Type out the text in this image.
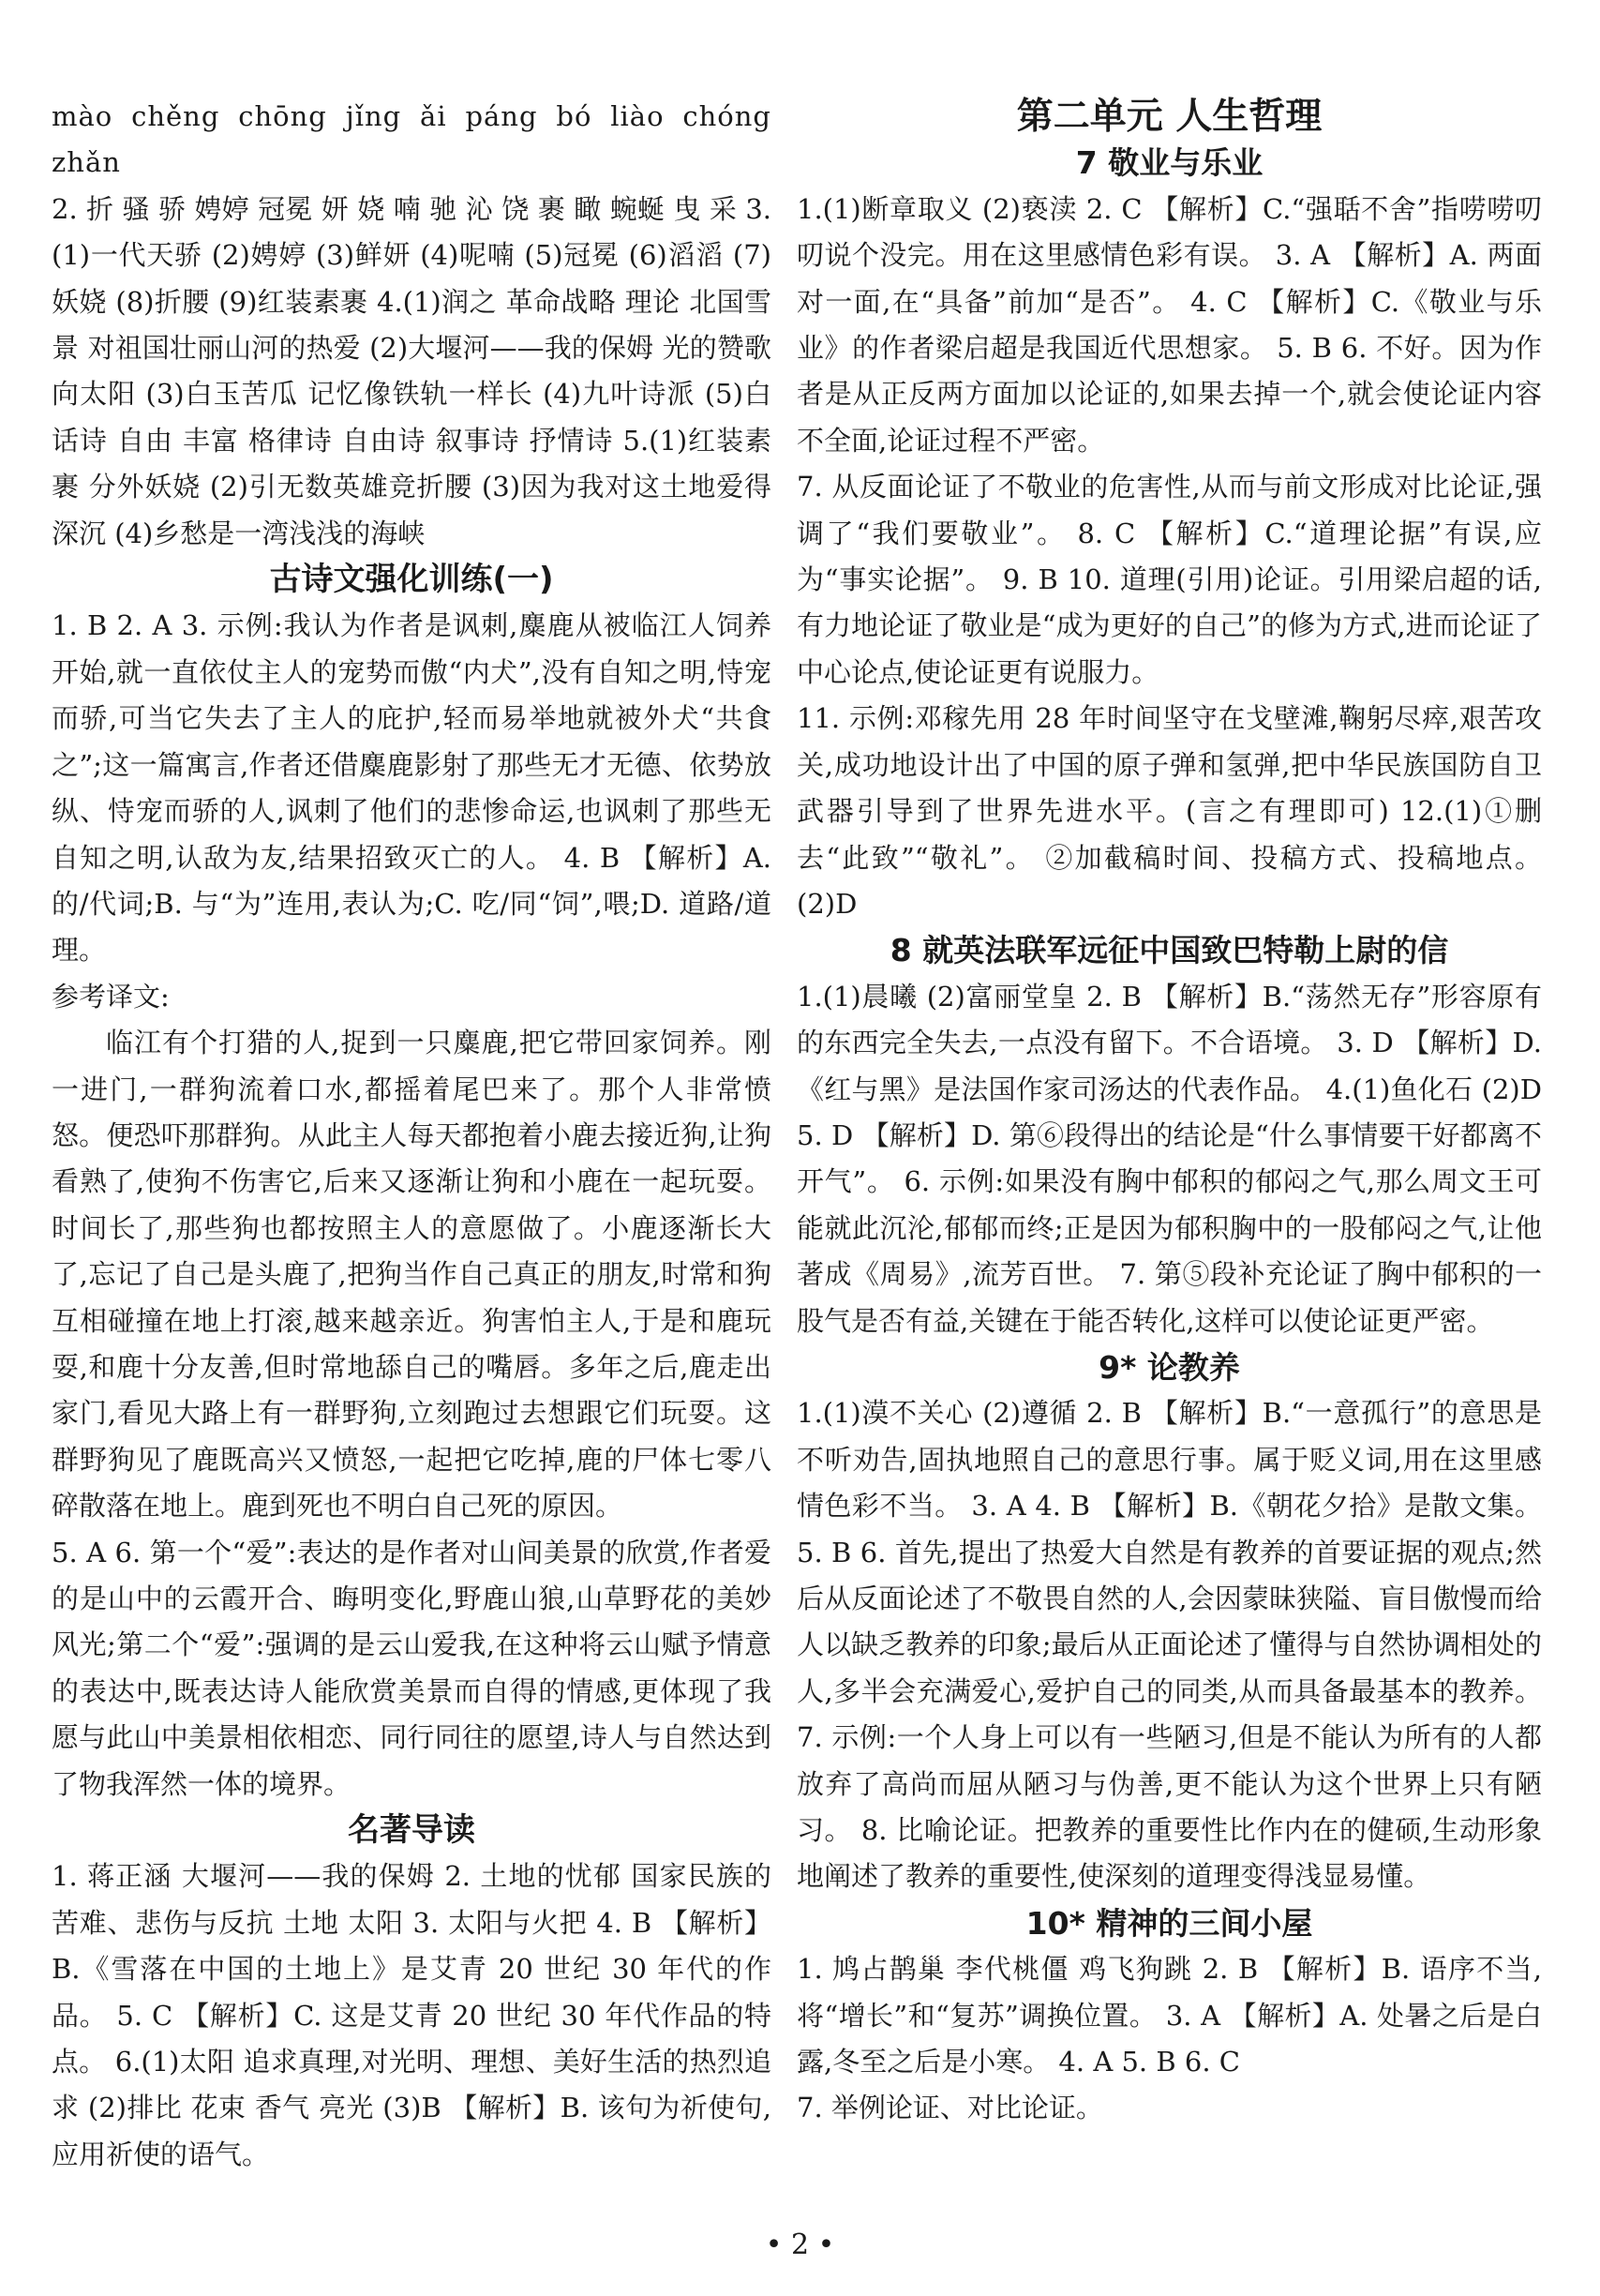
mào chěng chōng jǐng ǎi páng bó liào chóng zhǎn

2. 折 骚 骄 娉婷 冠冕 妍 娆 喃 驰 沁 饶 裹 瞰 蜿蜒 曳 采 3.(1)一代天骄 (2)娉婷 (3)鲜妍 (4)呢喃 (5)冠冕 (6)滔滔 (7)妖娆 (8)折腰 (9)红装素裹 4.(1)润之 革命战略 理论 北国雪景 对祖国壮丽山河的热爱 (2)大堰河——我的保姆 光的赞歌 向太阳 (3)白玉苦瓜 记忆像铁轨一样长 (4)九叶诗派 (5)白话诗 自由 丰富 格律诗 自由诗 叙事诗 抒情诗 5.(1)红装素裹 分外妖娆 (2)引无数英雄竞折腰 (3)因为我对这土地爱得深沉 (4)乡愁是一湾浅浅的海峡

古诗文强化训练(一)

1. B 2. A 3. 示例:我认为作者是讽刺,麋鹿从被临江人饲养开始,就一直依仗主人的宠势而傲“内犬”,没有自知之明,恃宠而骄,可当它失去了主人的庇护,轻而易举地就被外犬“共食之”;这一篇寓言,作者还借麋鹿影射了那些无才无德、依势放纵、恃宠而骄的人,讽刺了他们的悲惨命运,也讽刺了那些无自知之明,认敌为友,结果招致灭亡的人。 4. B 【解析】A. 的/代词;B. 与“为”连用,表认为;C. 吃/同“饲”,喂;D. 道路/道理。

参考译文:

临江有个打猎的人,捉到一只麋鹿,把它带回家饲养。刚一进门,一群狗流着口水,都摇着尾巴来了。那个人非常愤怒。便恐吓那群狗。从此主人每天都抱着小鹿去接近狗,让狗看熟了,使狗不伤害它,后来又逐渐让狗和小鹿在一起玩耍。时间长了,那些狗也都按照主人的意愿做了。小鹿逐渐长大了,忘记了自己是头鹿了,把狗当作自己真正的朋友,时常和狗互相碰撞在地上打滚,越来越亲近。狗害怕主人,于是和鹿玩耍,和鹿十分友善,但时常地舔自己的嘴唇。多年之后,鹿走出家门,看见大路上有一群野狗,立刻跑过去想跟它们玩耍。这群野狗见了鹿既高兴又愤怒,一起把它吃掉,鹿的尸体七零八碎散落在地上。鹿到死也不明白自己死的原因。

5. A 6. 第一个“爱”:表达的是作者对山间美景的欣赏,作者爱的是山中的云霞开合、晦明变化,野鹿山狼,山草野花的美妙风光;第二个“爱”:强调的是云山爱我,在这种将云山赋予情意的表达中,既表达诗人能欣赏美景而自得的情感,更体现了我愿与此山中美景相依相恋、同行同往的愿望,诗人与自然达到了物我浑然一体的境界。

名著导读

1. 蒋正涵 大堰河——我的保姆 2. 土地的忧郁 国家民族的苦难、悲伤与反抗 土地 太阳 3. 太阳与火把 4. B 【解析】B.《雪落在中国的土地上》是艾青 20 世纪 30 年代的作品。 5. C 【解析】C. 这是艾青 20 世纪 30 年代作品的特点。 6.(1)太阳 追求真理,对光明、理想、美好生活的热烈追求 (2)排比 花束 香气 亮光 (3)B 【解析】B. 该句为祈使句,应用祈使的语气。

第二单元 人生哲理

7 敬业与乐业

1.(1)断章取义 (2)亵渎 2. C 【解析】C.“强聒不舍”指唠唠叨叨说个没完。用在这里感情色彩有误。 3. A 【解析】A. 两面对一面,在“具备”前加“是否”。 4. C 【解析】C.《敬业与乐业》的作者梁启超是我国近代思想家。 5. B 6. 不好。因为作者是从正反两方面加以论证的,如果去掉一个,就会使论证内容不全面,论证过程不严密。

7. 从反面论证了不敬业的危害性,从而与前文形成对比论证,强调了“我们要敬业”。 8. C 【解析】C.“道理论据”有误,应为“事实论据”。 9. B 10. 道理(引用)论证。引用梁启超的话,有力地论证了敬业是“成为更好的自己”的修为方式,进而论证了中心论点,使论证更有说服力。

11. 示例:邓稼先用 28 年时间坚守在戈壁滩,鞠躬尽瘁,艰苦攻关,成功地设计出了中国的原子弹和氢弹,把中华民族国防自卫武器引导到了世界先进水平。(言之有理即可) 12.(1)①删去“此致”“敬礼”。 ②加截稿时间、投稿方式、投稿地点。 (2)D

8 就英法联军远征中国致巴特勒上尉的信

1.(1)晨曦 (2)富丽堂皇 2. B 【解析】B.“荡然无存”形容原有的东西完全失去,一点没有留下。不合语境。 3. D 【解析】D.《红与黑》是法国作家司汤达的代表作品。 4.(1)鱼化石 (2)D 5. D 【解析】D. 第⑥段得出的结论是“什么事情要干好都离不开气”。 6. 示例:如果没有胸中郁积的郁闷之气,那么周文王可能就此沉沦,郁郁而终;正是因为郁积胸中的一股郁闷之气,让他著成《周易》,流芳百世。 7. 第⑤段补充论证了胸中郁积的一股气是否有益,关键在于能否转化,这样可以使论证更严密。

9* 论教养

1.(1)漠不关心 (2)遵循 2. B 【解析】B.“一意孤行”的意思是不听劝告,固执地照自己的意思行事。属于贬义词,用在这里感情色彩不当。 3. A 4. B 【解析】B.《朝花夕拾》是散文集。 5. B 6. 首先,提出了热爱大自然是有教养的首要证据的观点;然后从反面论述了不敬畏自然的人,会因蒙昧狭隘、盲目傲慢而给人以缺乏教养的印象;最后从正面论述了懂得与自然协调相处的人,多半会充满爱心,爱护自己的同类,从而具备最基本的教养。 7. 示例:一个人身上可以有一些陋习,但是不能认为所有的人都放弃了高尚而屈从陋习与伪善,更不能认为这个世界上只有陋习。 8. 比喻论证。把教养的重要性比作内在的健硕,生动形象地阐述了教养的重要性,使深刻的道理变得浅显易懂。

10* 精神的三间小屋

1. 鸠占鹊巢 李代桃僵 鸡飞狗跳 2. B 【解析】B. 语序不当,将“增长”和“复苏”调换位置。 3. A 【解析】A. 处暑之后是白露,冬至之后是小寒。 4. A 5. B 6. C

7. 举例论证、对比论证。

• 2 •
